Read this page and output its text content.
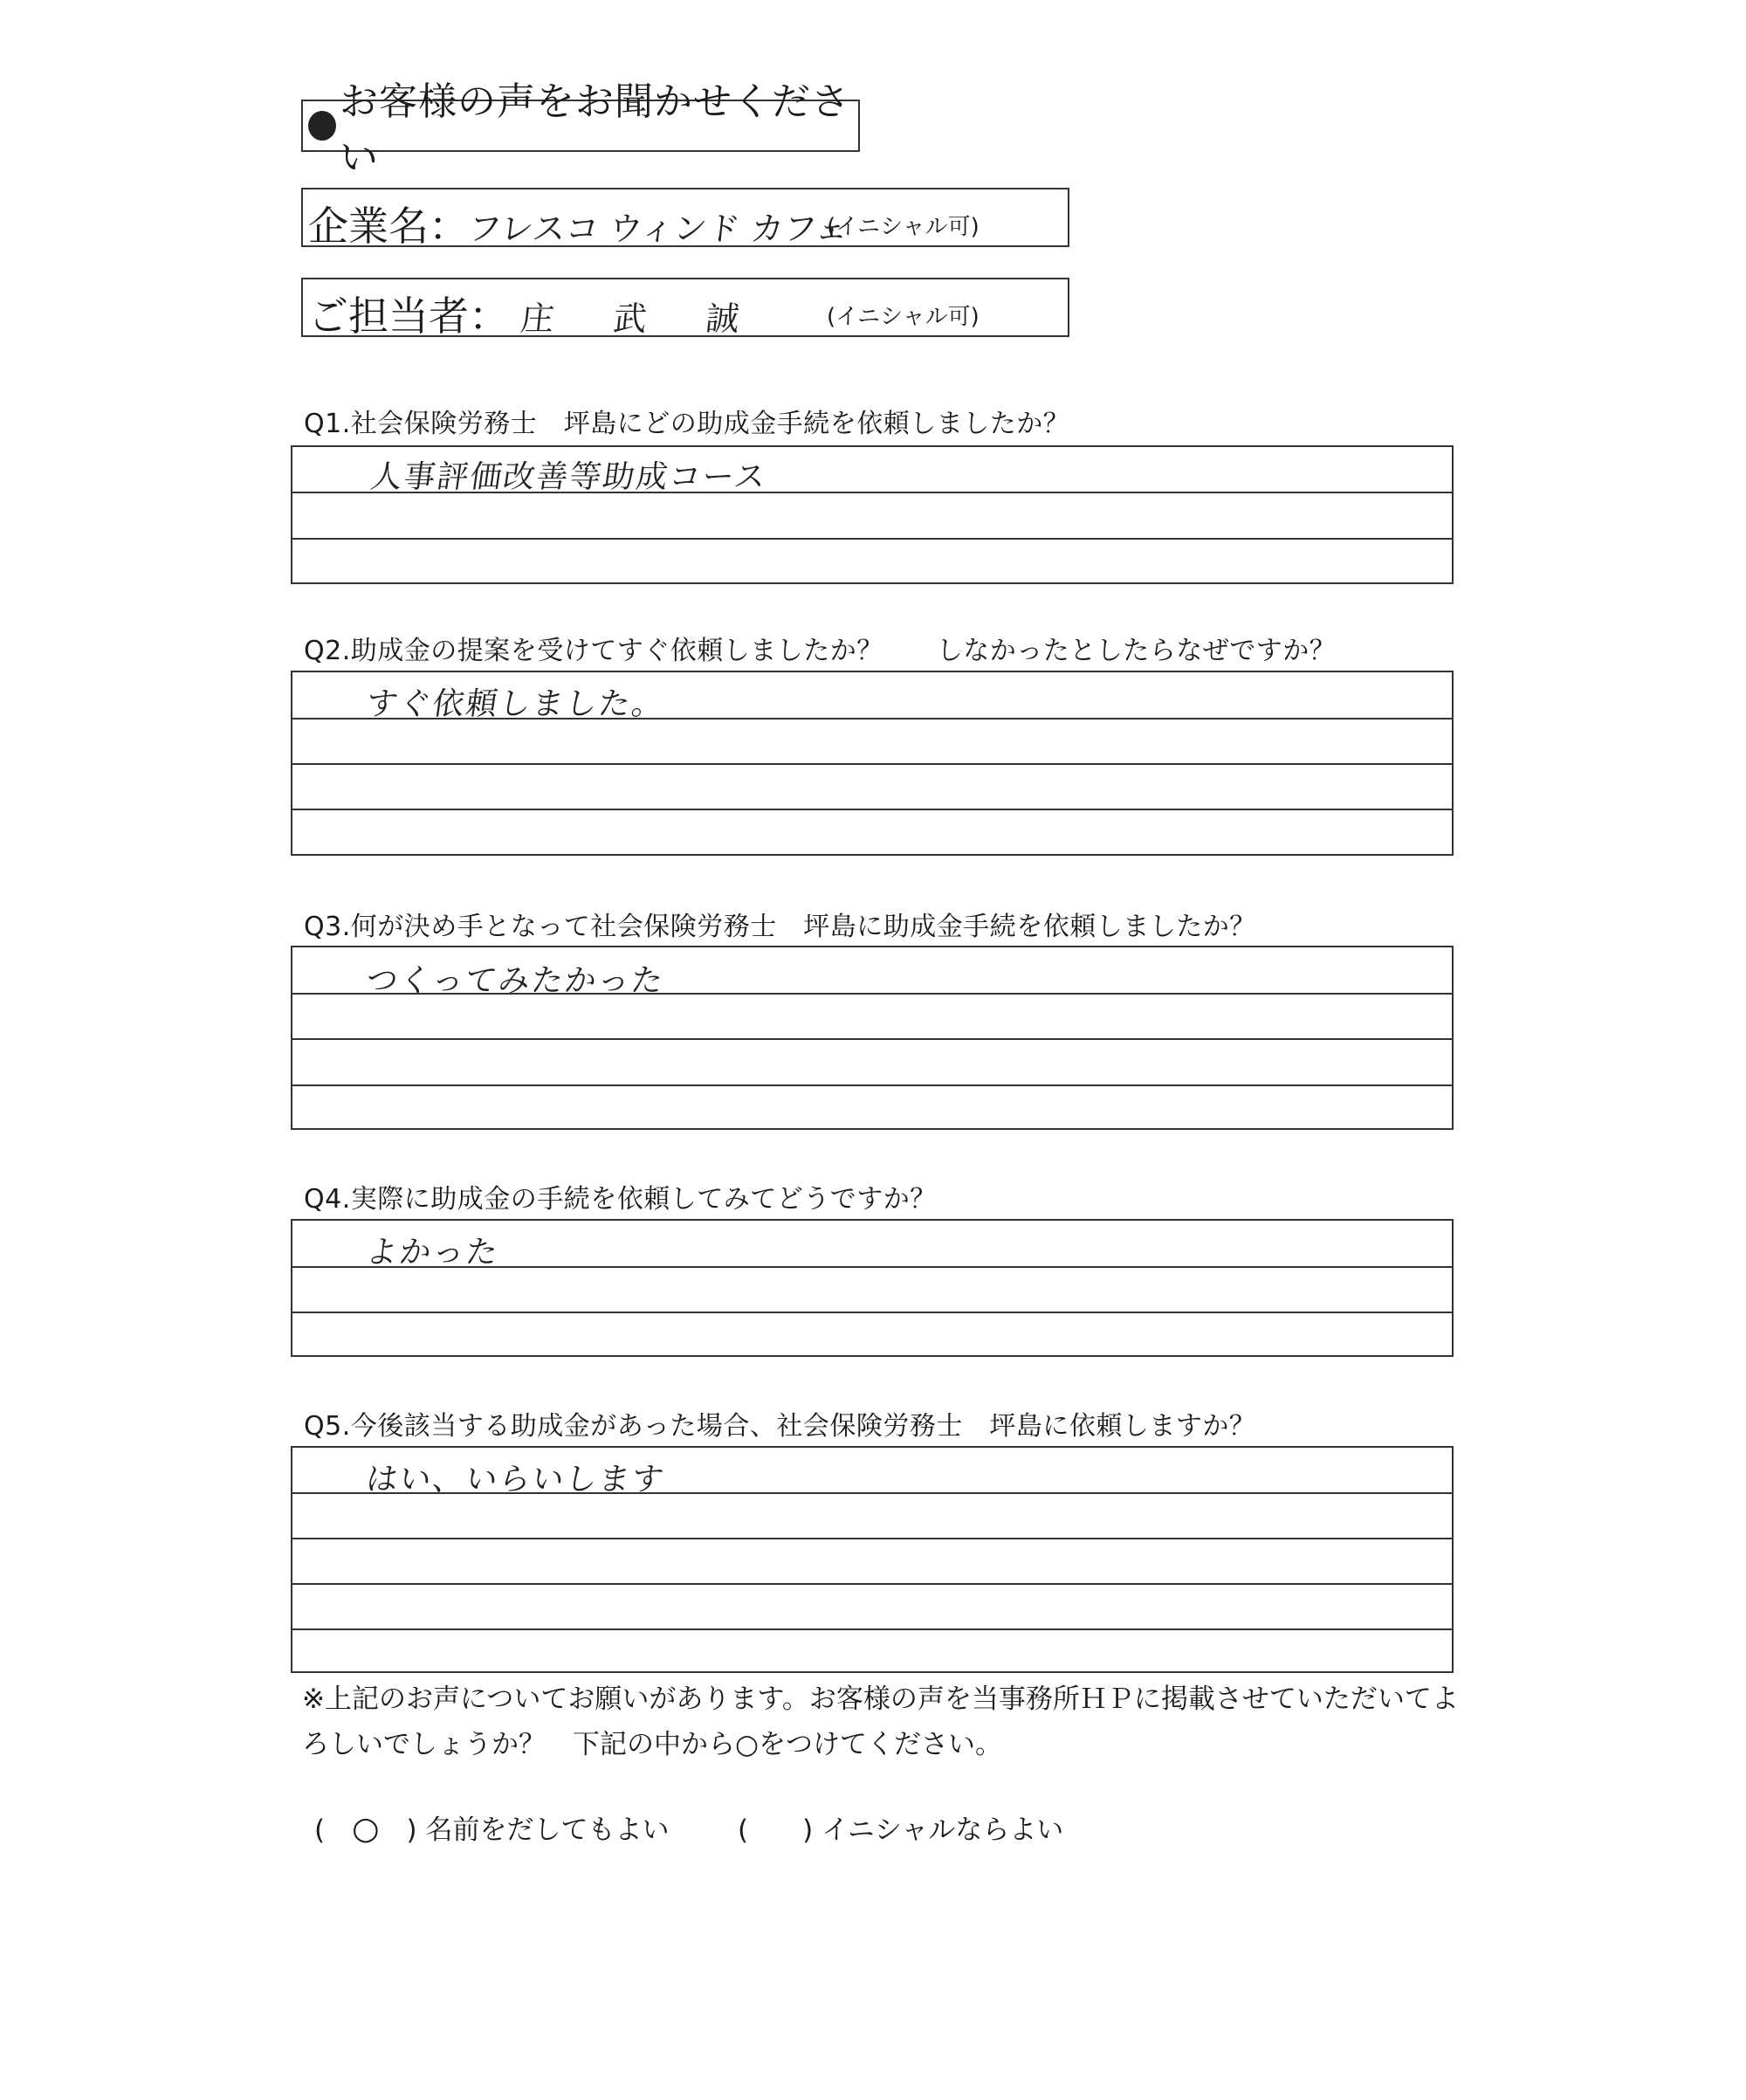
お客様の声をお聞かせください
企業名：
フレスコ ウィンド カフェ
(イニシャル可)
ご担当者： 庄 武 誠	(イニシャル可)
Q1.社会保険労務士　坪島にどの助成金手続を依頼しましたか？
人事評価改善等助成コース
Q2.助成金の提案を受けてすぐ依頼しましたか？　　しなかったとしたらなぜですか？
すぐ依頼しました。
Q3.何が決め手となって社会保険労務士　坪島に助成金手続を依頼しましたか？
つくってみたかった
Q4.実際に助成金の手続を依頼してみてどうですか？
よかった
Q5.今後該当する助成金があった場合、社会保険労務士　坪島に依頼しますか？
はい、いらいします
※上記のお声についてお願いがあります。お客様の声を当事務所ＨＰに掲載させていただいてよろしいでしょうか？　下記の中から○をつけてください。
(　○　) 名前をだしてもよい	(　　) イニシャルならよい
